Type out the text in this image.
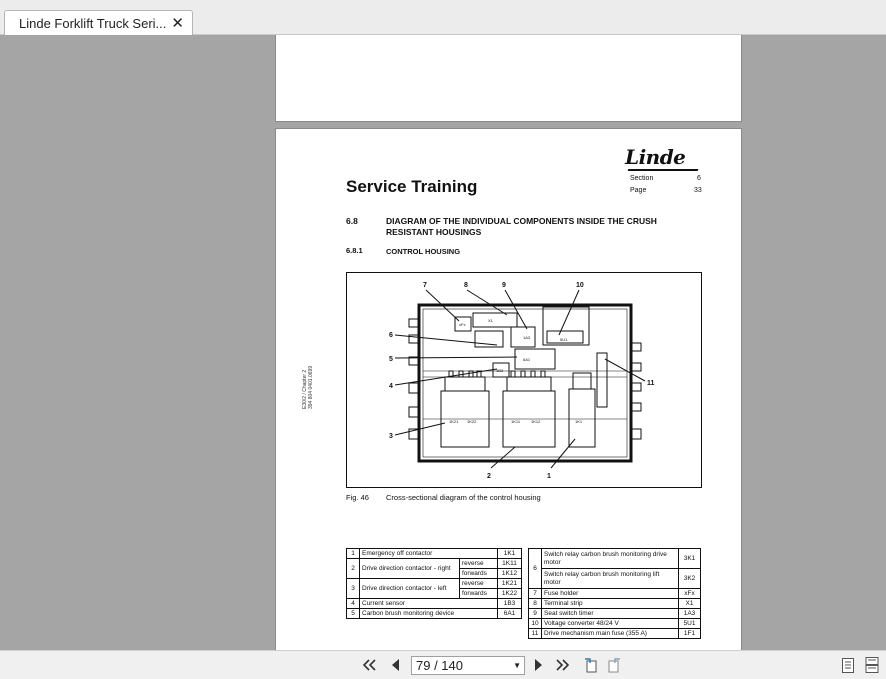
Linde Forklift Truck Seri... ✕
Linde
Service Training	Section	6
Page	33
6.8	DIAGRAM OF THE INDIVIDUAL COMPONENTS INSIDE THE CRUSH RESISTANT HOUSINGS
6.8.1	CONTROL HOUSING
E30/2 / Chapter 2 394 804 0401.0699
7	8	9	10
6
5
4
3
2	1
11
X1
1A3	5U1
xFx
6A1
1B3
1K21 1K22	1K11	1K12	1K1
Fig. 46 Cross-sectional diagram of the control housing
1	Emergency off contactor		1K1
2	Drive direction contactor - right	reverse	1K11
		forwards	1K12
3	Drive direction contactor - left	reverse	1K21
		forwards	1K22
4	Current sensor		1B3
5	Carbon brush monitoring device		6A1
6	Switch relay carbon brush monitoring drive motor	3K1
	Switch relay carbon brush monitoring lift motor	3K2
7	Fuse holder	xFx
8	Terminal strip	X1
9	Seat switch timer	1A3
10	Voltage converter 48/24 V	5U1
11	Drive mechanism main fuse (355 A)	1F1
79 / 140	▼
